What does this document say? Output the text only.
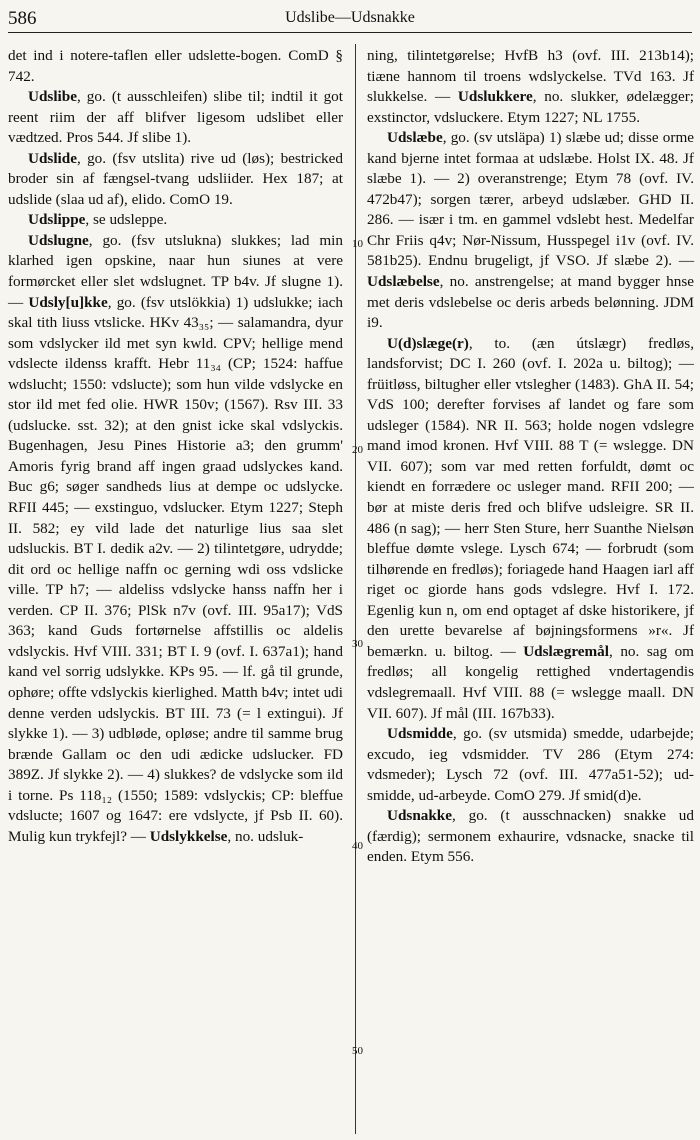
586	Udslibe—Udsnakke
10
20
30
40
50

det ind i notere-taflen eller udslette-bogen. ComD § 742.

Udslibe, go. (t ausschleifen) slibe til; indtil it got reent riim der aff blifver ligesom udslibet eller vædtzed. Pros 544. Jf slibe 1).

Udslide, go. (fsv utslita) rive ud (løs); bestricked broder sin af fængsel-tvang udsliider. Hex 187; at udslide (slaa ud af), elido. ComO 19.

Udslippe, se udsleppe.

Udslugne, go. (fsv utslukna) slukkes; lad min klarhed igen opskine, naar hun siunes at vere formørcket eller slet wdslugnet. TP b4v. Jf slugne 1). — Udsly[u]kke, go. (fsv utslökkia) 1) udslukke; iach skal tith liuss vtslicke. HKv 43₃₅; — salamandra, dyur som vdslycker ild met syn kwld. CPV; hellige mend vdslecte ildenss krafft. Hebr 11₃₄ (CP; 1524: haffue wdslucht; 1550: vdslucte); som hun vilde vdslycke en stor ild met fed olie. HWR 150v; (1567). Rsv III. 33 (udslucke. sst. 32); at den gnist icke skal vdslyckis. Bugenhagen, Jesu Pines Historie a3; den grumm' Amoris fyrig brand aff ingen graad udslyckes kand. Buc g6; søger sandheds lius at dempe oc udslycke. RFII 445; — exstinguo, vdslucker. Etym 1227; Steph II. 582; ey vild lade det naturlige lius saa slet udsluckis. BT I. dedik a2v. — 2) tilintetgøre, udrydde; dit ord oc hellige naffn oc gerning wdi oss vdslicke ville. TP h7; — aldeliss vdslycke hanss naffn her i verden. CP II. 376; PlSk n7v (ovf. III. 95a17); VdS 363; kand Guds fortørnelse affstillis oc aldelis vdslyckis. Hvf VIII. 331; BT I. 9 (ovf. I. 637a1); hand kand vel sorrig udslykke. KPs 95. — lf. gå til grunde, ophøre; offte vdslyckis kierlighed. Matth b4v; intet udi denne verden udslyckis. BT III. 73 (= l extingui). Jf slykke 1). — 3) udbløde, opløse; andre til samme brug brænde Gallam oc den udi ædicke udslucker. FD 389Z. Jf slykke 2). — 4) slukkes? de vdslycke som ild i torne. Ps 118₁₂ (1550; 1589: vdslyckis; CP: bleffue vdslucte; 1607 og 1647: ere vdslycte, jf Psb II. 60). Mulig kun trykfejl? — Udslykkelse, no. udsluk-

ning, tilintetgørelse; HvfB h3 (ovf. III. 213b14); tiæne hannom til troens wdslyckelse. TVd 163. Jf slukkelse. — Udslukkere, no. slukker, ødelægger; exstinctor, vdsluckere. Etym 1227; NL 1755.

Udslæbe, go. (sv utsläpa) 1) slæbe ud; disse orme kand bjerne intet formaa at udslæbe. Holst IX. 48. Jf slæbe 1). — 2) overanstrenge; Etym 78 (ovf. IV. 472b47); sorgen tærer, arbeyd udslæber. GHD II. 286. — især i tm. en gammel vdslebt hest. Medelfar Chr Friis q4v; Nør-Nissum, Husspegel i1v (ovf. IV. 581b25). Endnu brugeligt, jf VSO. Jf slæbe 2). — Udslæbelse, no. anstrengelse; at mand bygger hnse met deris vdslebelse oc deris arbeds belønning. JDM i9.

U(d)slæge(r), to. (æn útslægr) fredløs, landsforvist; DC I. 260 (ovf. I. 202a u. biltog); — früitløss, biltugher eller vtslegher (1483). GhA II. 54; VdS 100; derefter forvises af landet og fare som udsleger (1584). NR II. 563; holde nogen vdslegre mand imod kronen. Hvf VIII. 88 T (= wslegge. DN VII. 607); som var med retten forfuldt, dømt oc kiendt en forrædere oc usleger mand. RFII 200; — bør at miste deris fred och blifve udsleigre. SR II. 486 (n sag); — herr Sten Sture, herr Suanthe Nielsøn bleffue dømte vslege. Lysch 674; — forbrudt (som tilhørende en fredløs); foriagede hand Haagen iarl aff riget oc giorde hans gods vdslegre. Hvf I. 172. Egenlig kun n, om end optaget af dske historikere, jf den urette bevarelse af bøjningsformens »r«. Jf bemærkn. u. biltog. — Udslægremål, no. sag om fredløs; all kongelig rettighed vndertagendis vdslegremaall. Hvf VIII. 88 (= wslegge maall. DN VII. 607). Jf mål (III. 167b33).

Udsmidde, go. (sv utsmida) smedde, udarbejde; excudo, ieg vdsmidder. TV 286 (Etym 274: vdsmeder); Lysch 72 (ovf. III. 477a51-52); ud-smidde, ud-arbeyde. ComO 279. Jf smid(d)e.

Udsnakke, go. (t ausschnacken) snakke ud (færdig); sermonem exhaurire, vdsnacke, snacke til enden. Etym 556.
